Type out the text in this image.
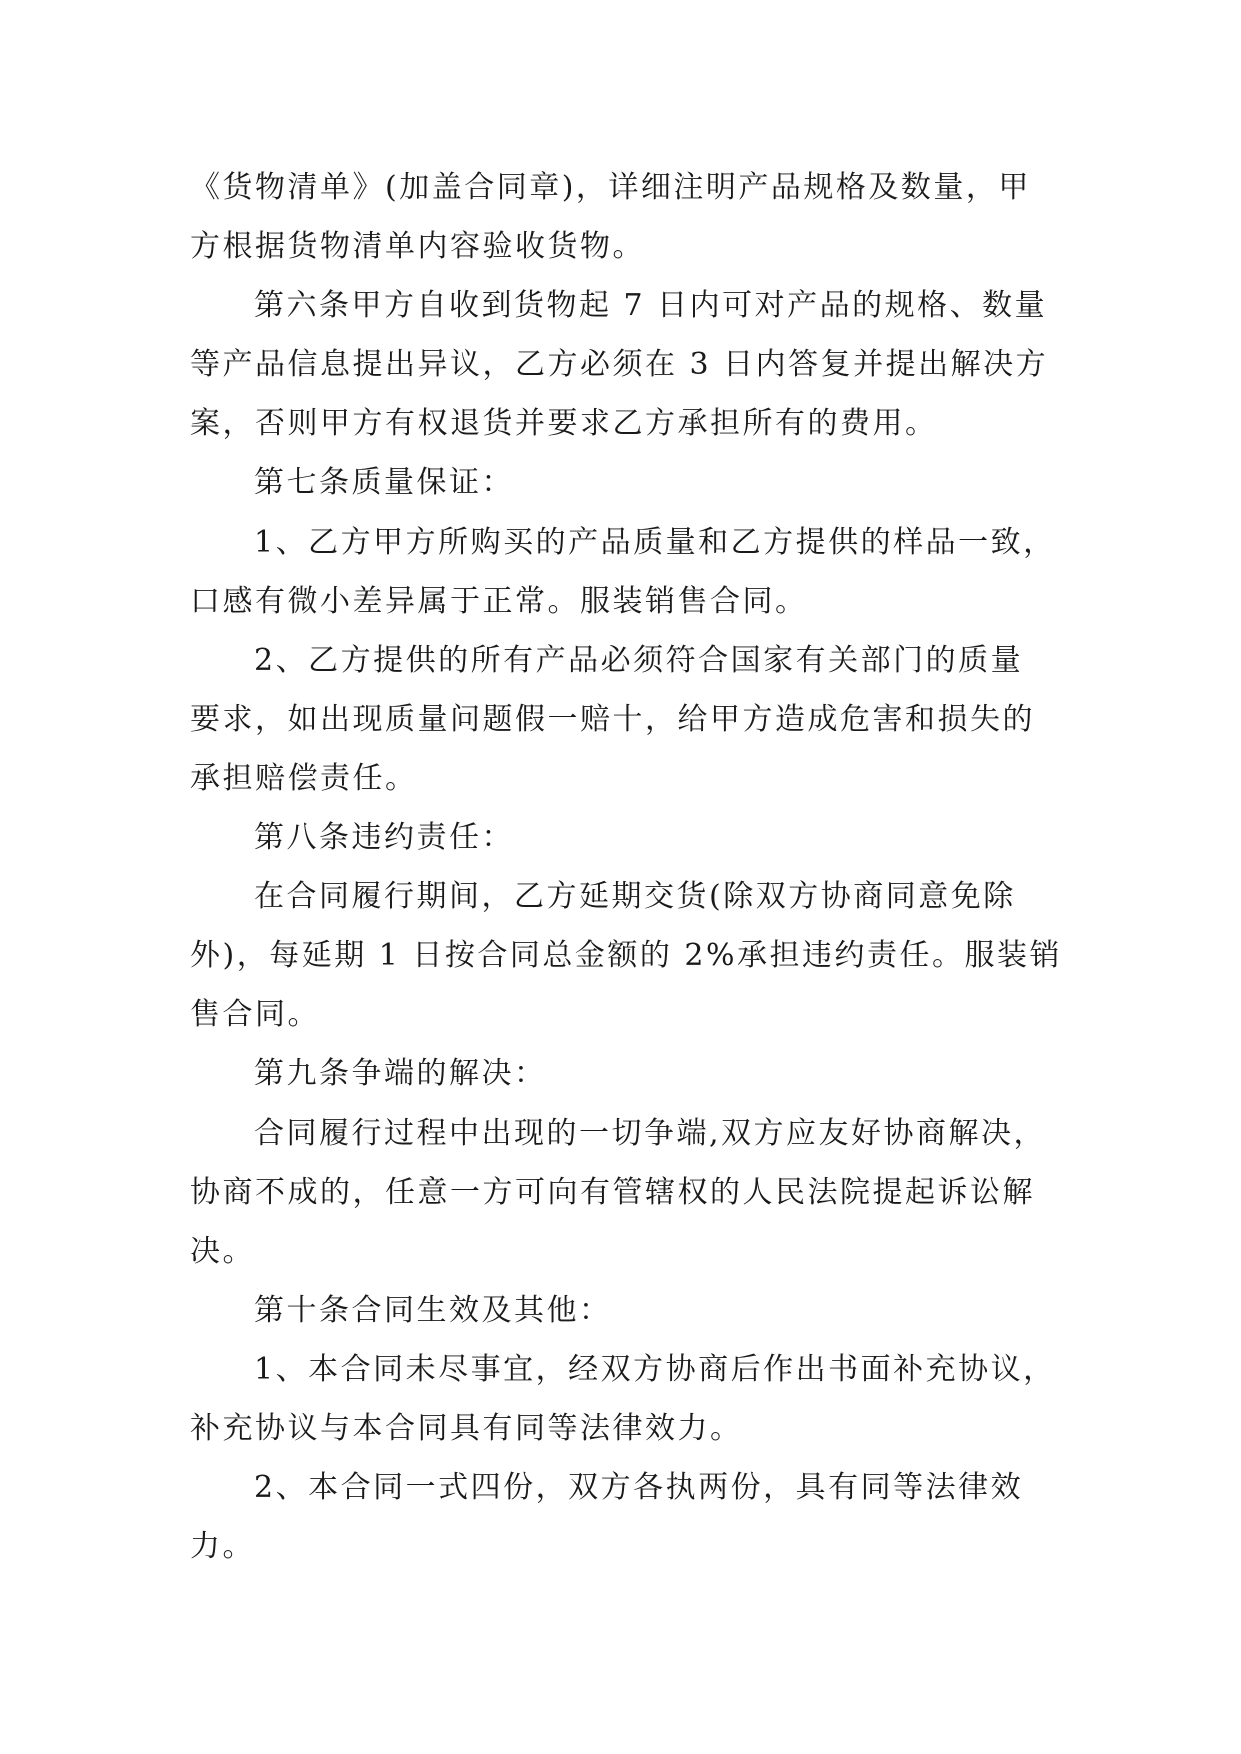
《货物清单》(加盖合同章)，详细注明产品规格及数量，甲
方根据货物清单内容验收货物。
第六条甲方自收到货物起 7 日内可对产品的规格、数量
等产品信息提出异议，乙方必须在 3 日内答复并提出解决方
案，否则甲方有权退货并要求乙方承担所有的费用。
第七条质量保证：
1、乙方甲方所购买的产品质量和乙方提供的样品一致，
口感有微小差异属于正常。服装销售合同。
2、乙方提供的所有产品必须符合国家有关部门的质量
要求，如出现质量问题假一赔十，给甲方造成危害和损失的
承担赔偿责任。
第八条违约责任：
在合同履行期间，乙方延期交货(除双方协商同意免除
外)，每延期 1 日按合同总金额的 2%承担违约责任。服装销
售合同。
第九条争端的解决：
合同履行过程中出现的一切争端,双方应友好协商解决，
协商不成的，任意一方可向有管辖权的人民法院提起诉讼解
决。
第十条合同生效及其他：
1、本合同未尽事宜，经双方协商后作出书面补充协议，
补充协议与本合同具有同等法律效力。
2、本合同一式四份，双方各执两份，具有同等法律效
力。
